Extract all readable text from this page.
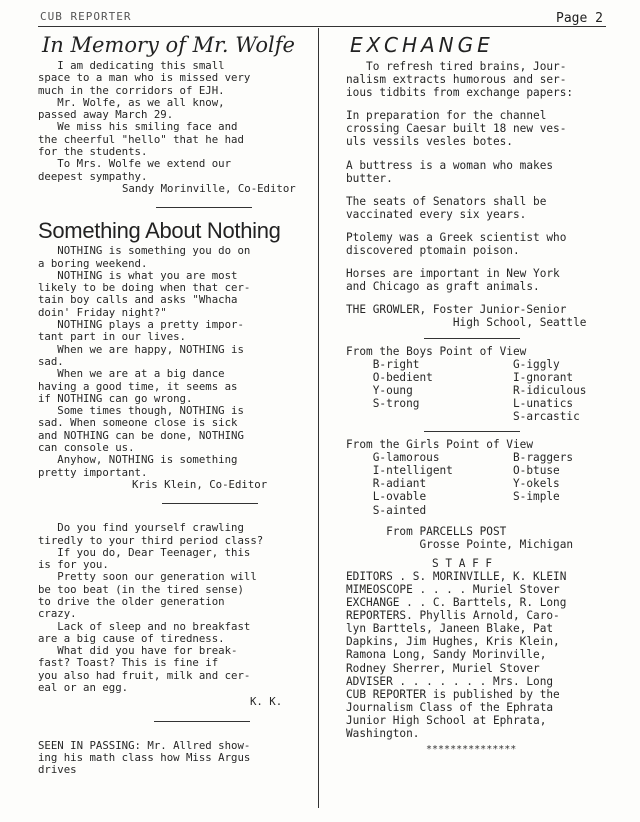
CUB REPORTER	Page 2
In Memory of Mr. Wolfe
I am dedicating this small
space to a man who is missed very
much in the corridors of EJH.
Mr. Wolfe, as we all know,
passed away March 29.
We miss his smiling face and
the cheerful "hello" that he had
for the students.
To Mrs. Wolfe we extend our
deepest sympathy.
Sandy Morinville, Co-Editor
Something About Nothing
NOTHING is something you do on
a boring weekend.
NOTHING is what you are most
likely to be doing when that cer-
tain boy calls and asks "Whacha
doin' Friday night?"
NOTHING plays a pretty impor-
tant part in our lives.
When we are happy, NOTHING is
sad.
When we are at a big dance
having a good time, it seems as
if NOTHING can go wrong.
Some times though, NOTHING is
sad. When someone close is sick
and NOTHING can be done, NOTHING
can console us.
Anyhow, NOTHING is something
pretty important.
Kris Klein, Co-Editor
Do you find yourself crawling
tiredly to your third period class?
If you do, Dear Teenager, this
is for you.
Pretty soon our generation will
be too beat (in the tired sense)
to drive the older generation
crazy.
Lack of sleep and no breakfast
are a big cause of tiredness.
What did you have for break-
fast? Toast? This is fine if
you also had fruit, milk and cer-
eal or an egg.
K. K.
SEEN IN PASSING: Mr. Allred show-
ing his math class how Miss Argus
drives
EXCHANGE
To refresh tired brains, Jour-
nalism extracts humorous and ser-
ious tidbits from exchange papers:
In preparation for the channel
crossing Caesar built 18 new ves-
uls vessils vesles botes.
A buttress is a woman who makes
butter.
The seats of Senators shall be
vaccinated every six years.
Ptolemy was a Greek scientist who
discovered ptomain poison.
Horses are important in New York
and Chicago as graft animals.
THE GROWLER, Foster Junior-Senior
High School, Seattle
From the Boys Point of View
B-right              G-iggly
O-bedient            I-gnorant
Y-oung               R-idiculous
S-trong              L-unatics
S-arcastic
From the Girls Point of View
G-lamorous           B-raggers
I-ntelligent         O-btuse
R-adiant             Y-okels
L-ovable             S-imple
S-ainted
From PARCELLS POST
Grosse Pointe, Michigan
S T A F F
EDITORS . S. MORINVILLE, K. KLEIN
MIMEOSCOPE . . . . Muriel Stover
EXCHANGE . . C. Barttels, R. Long
REPORTERS. Phyllis Arnold, Caro-
lyn Barttels, Janeen Blake, Pat
Dapkins, Jim Hughes, Kris Klein,
Ramona Long, Sandy Morinville,
Rodney Sherrer, Muriel Stover
ADVISER . . . . . . . Mrs. Long
CUB REPORTER is published by the
Journalism Class of the Ephrata
Junior High School at Ephrata,
Washington.
***************
